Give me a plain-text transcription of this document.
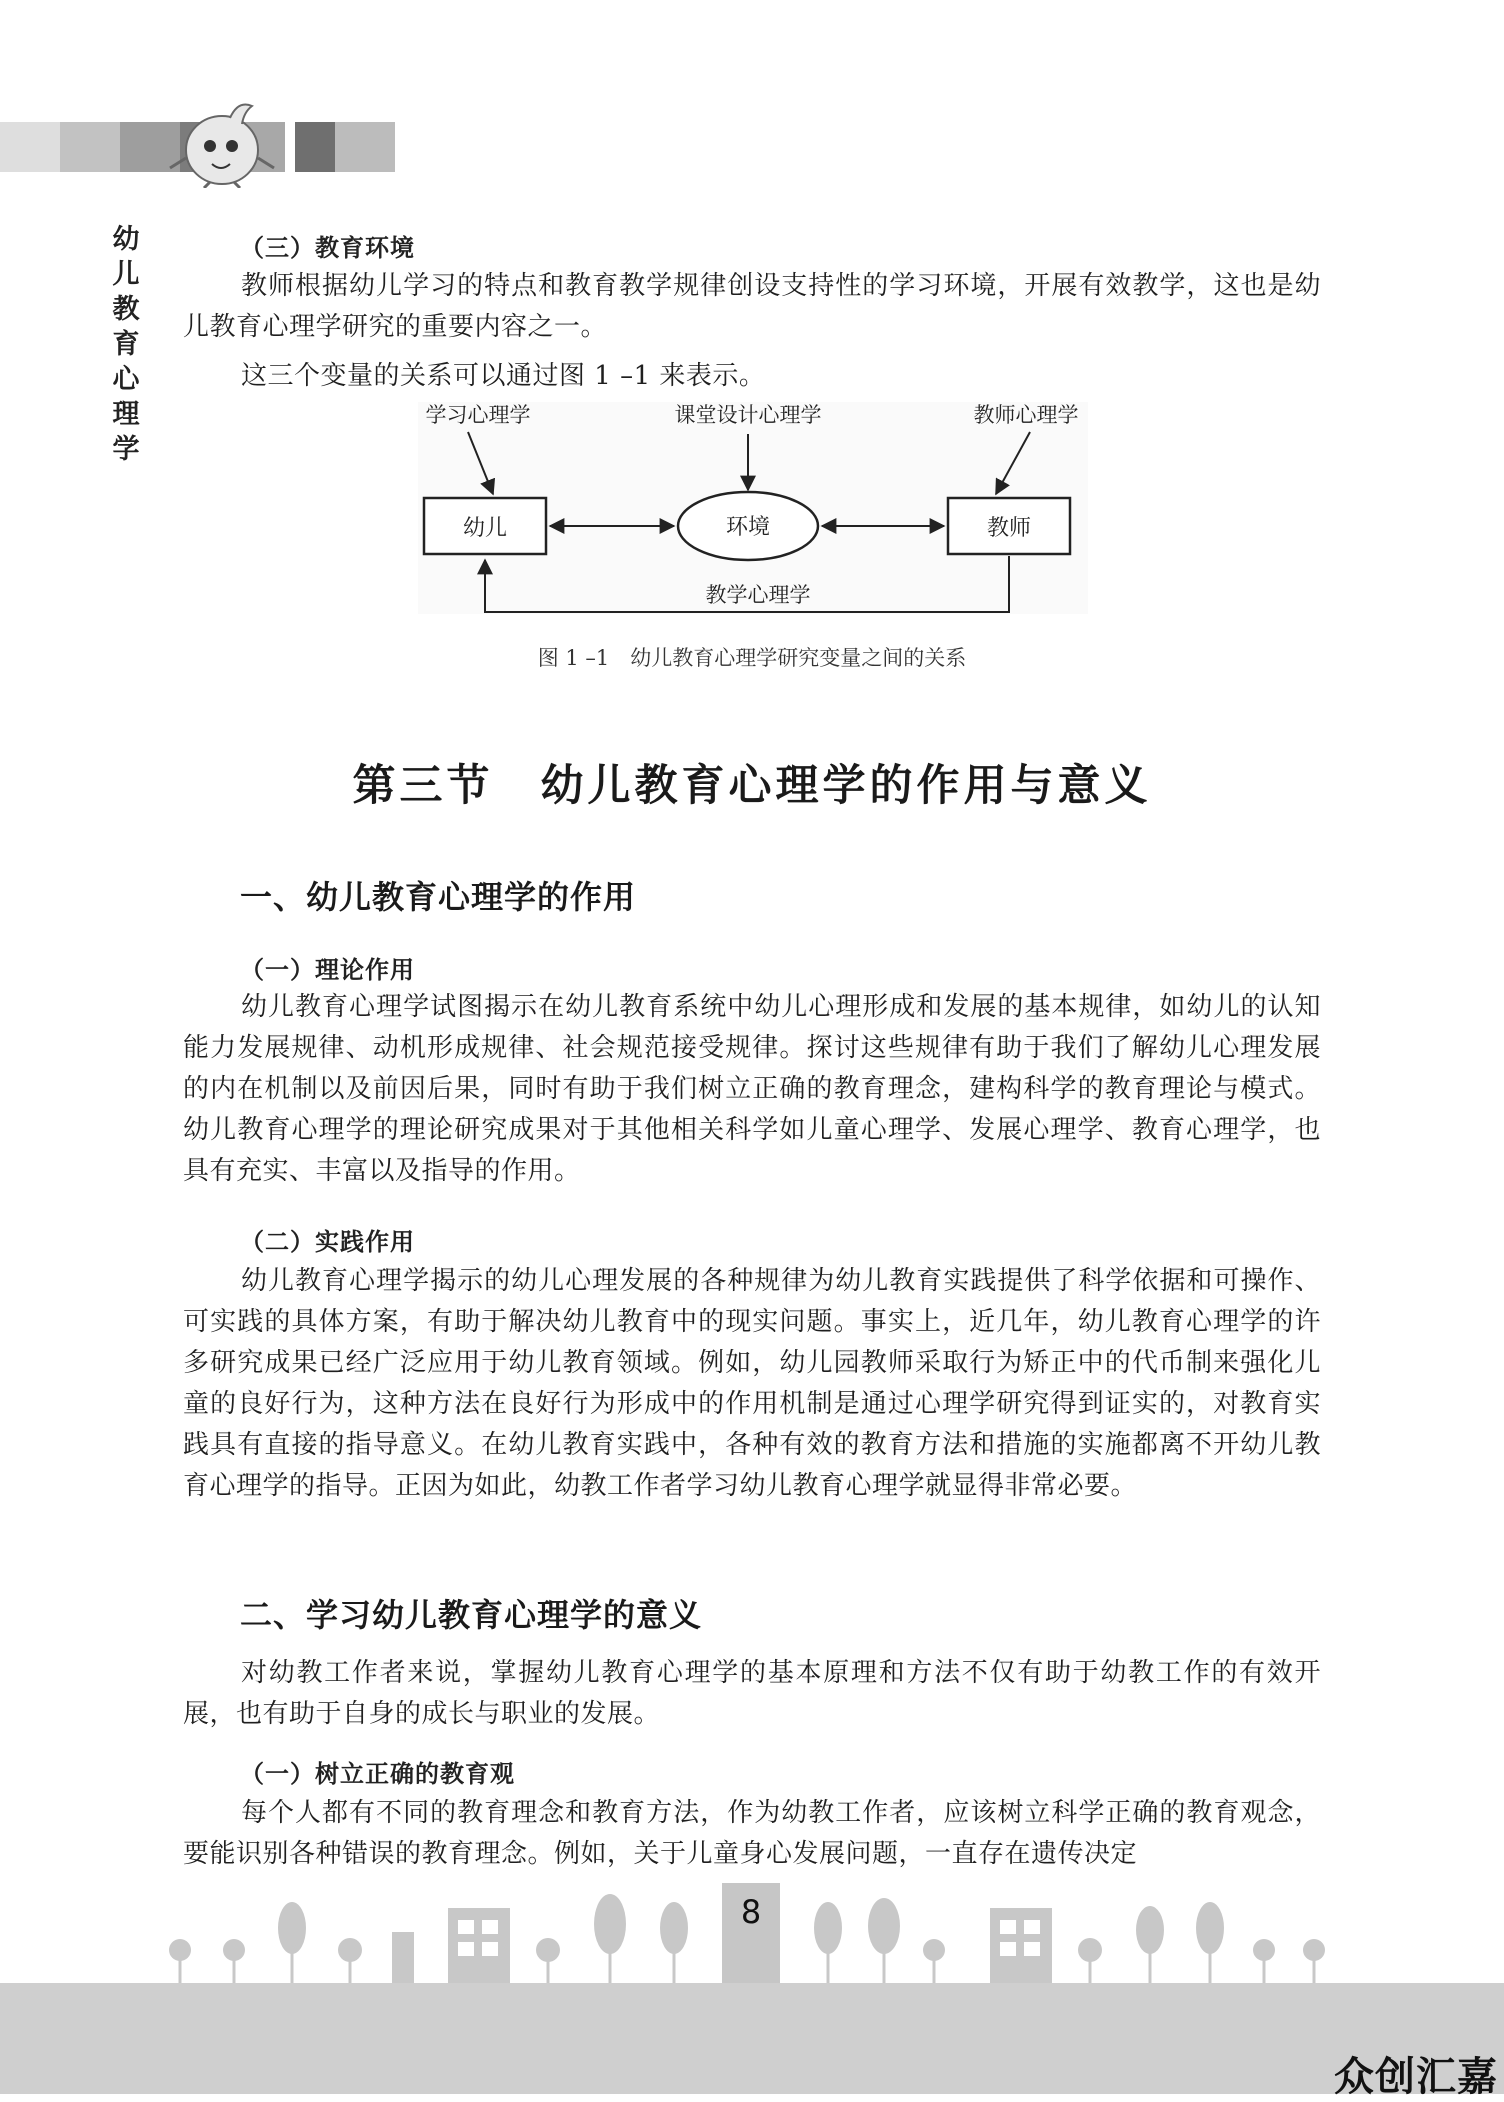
幼
儿
教
育
心
理
学
（三）教育环境

教师根据幼儿学习的特点和教育教学规律创设支持性的学习环境，开展有效教学，这也是幼儿教育心理学研究的重要内容之一。

这三个变量的关系可以通过图 1 –1 来表示。

学习心理学	课堂设计心理学	教师心理学
幼儿	环境	教师
教学心理学
图 1 –1　幼儿教育心理学研究变量之间的关系
第三节　幼儿教育心理学的作用与意义
一、幼儿教育心理学的作用
（一）理论作用

幼儿教育心理学试图揭示在幼儿教育系统中幼儿心理形成和发展的基本规律，如幼儿的认知能力发展规律、动机形成规律、社会规范接受规律。探讨这些规律有助于我们了解幼儿心理发展的内在机制以及前因后果，同时有助于我们树立正确的教育理念，建构科学的教育理论与模式。幼儿教育心理学的理论研究成果对于其他相关科学如儿童心理学、发展心理学、教育心理学，也具有充实、丰富以及指导的作用。

（二）实践作用

幼儿教育心理学揭示的幼儿心理发展的各种规律为幼儿教育实践提供了科学依据和可操作、可实践的具体方案，有助于解决幼儿教育中的现实问题。事实上，近几年，幼儿教育心理学的许多研究成果已经广泛应用于幼儿教育领域。例如，幼儿园教师采取行为矫正中的代币制来强化儿童的良好行为，这种方法在良好行为形成中的作用机制是通过心理学研究得到证实的，对教育实践具有直接的指导意义。在幼儿教育实践中，各种有效的教育方法和措施的实施都离不开幼儿教育心理学的指导。正因为如此，幼教工作者学习幼儿教育心理学就显得非常必要。

二、学习幼儿教育心理学的意义

对幼教工作者来说，掌握幼儿教育心理学的基本原理和方法不仅有助于幼教工作的有效开展，也有助于自身的成长与职业的发展。

（一）树立正确的教育观

每个人都有不同的教育理念和教育方法，作为幼教工作者，应该树立科学正确的教育观念，要能识别各种错误的教育理念。例如，关于儿童身心发展问题，一直存在遗传决定

8
众创汇嘉
